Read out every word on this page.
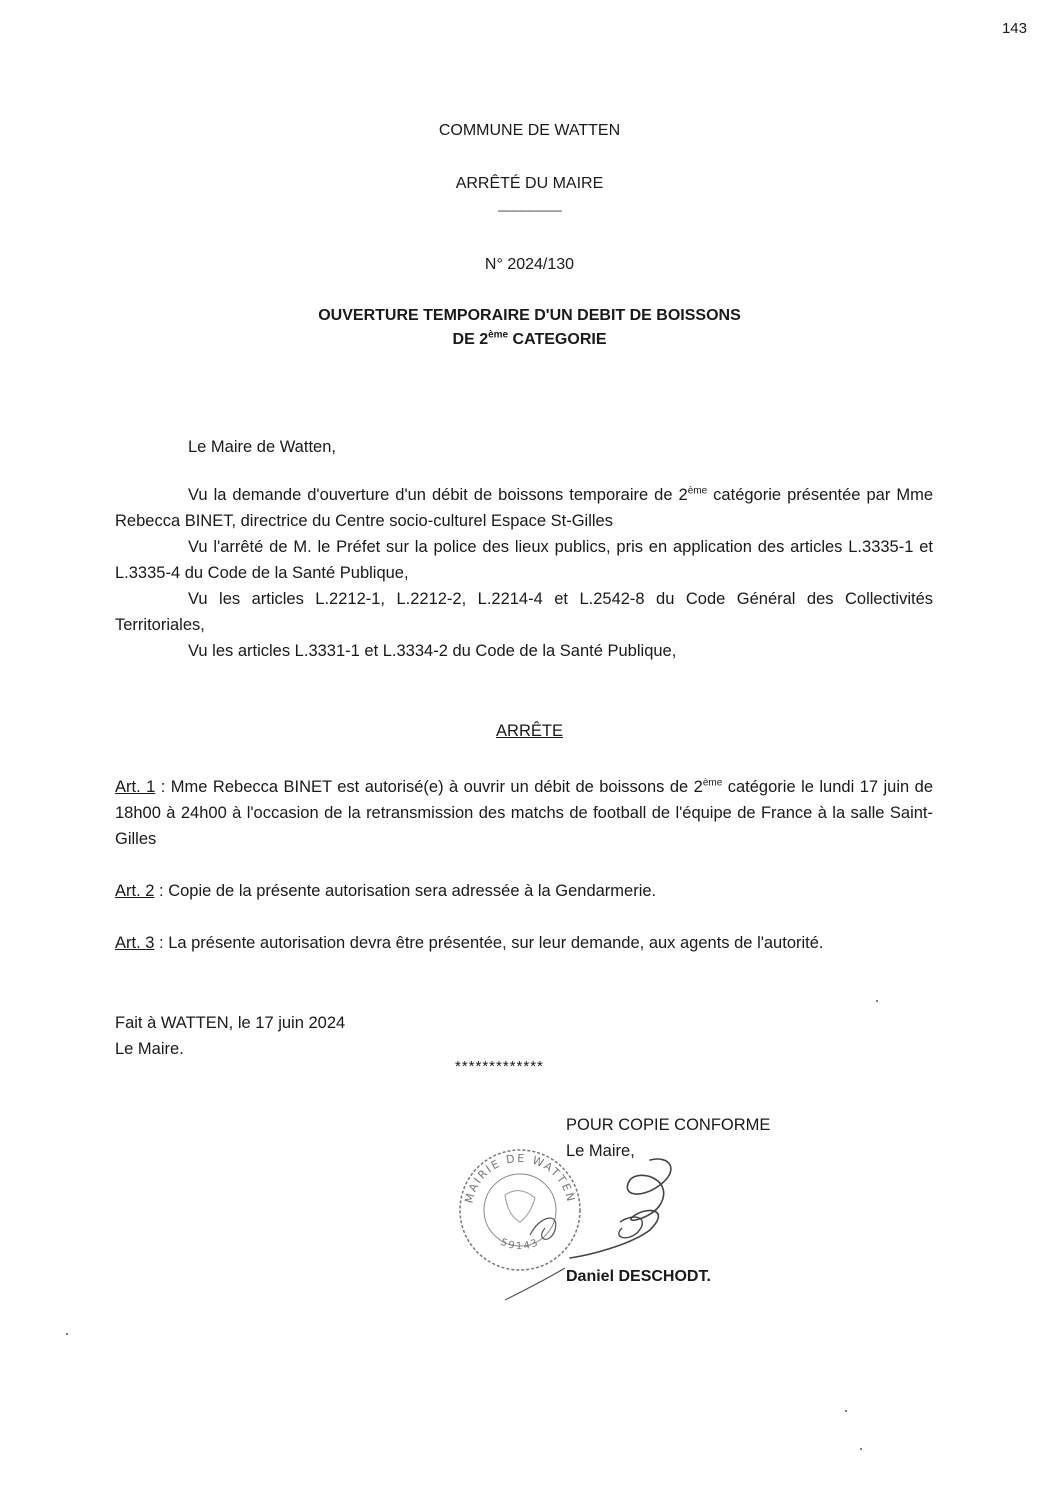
143
COMMUNE DE WATTEN
ARRÊTÉ DU MAIRE
------------------------
N° 2024/130
OUVERTURE TEMPORAIRE D'UN DEBIT DE BOISSONS
DE 2ème CATEGORIE

Le Maire de Watten,

Vu la demande d'ouverture d'un débit de boissons temporaire de 2ème catégorie présentée par Mme Rebecca BINET, directrice du Centre socio-culturel Espace St-Gilles

Vu l'arrêté de M. le Préfet sur la police des lieux publics, pris en application des articles L.3335-1 et L.3335-4 du Code de la Santé Publique,

Vu les articles L.2212-1, L.2212-2, L.2214-4 et L.2542-8 du Code Général des Collectivités Territoriales,

Vu les articles L.3331-1 et L.3334-2 du Code de la Santé Publique,

ARRÊTE

Art. 1 : Mme Rebecca BINET est autorisé(e) à ouvrir un débit de boissons de 2ème catégorie le lundi 17 juin de 18h00 à 24h00 à l'occasion de la retransmission des matchs de football de l'équipe de France à la salle Saint-Gilles

Art. 2 : Copie de la présente autorisation sera adressée à la Gendarmerie.

Art. 3 : La présente autorisation devra être présentée, sur leur demande, aux agents de l'autorité.

Fait à WATTEN, le 17 juin 2024

Le Maire.

*************
POUR COPIE CONFORME
Le Maire,
MAIRIE DE WATTEN
59143
Daniel DESCHODT.
